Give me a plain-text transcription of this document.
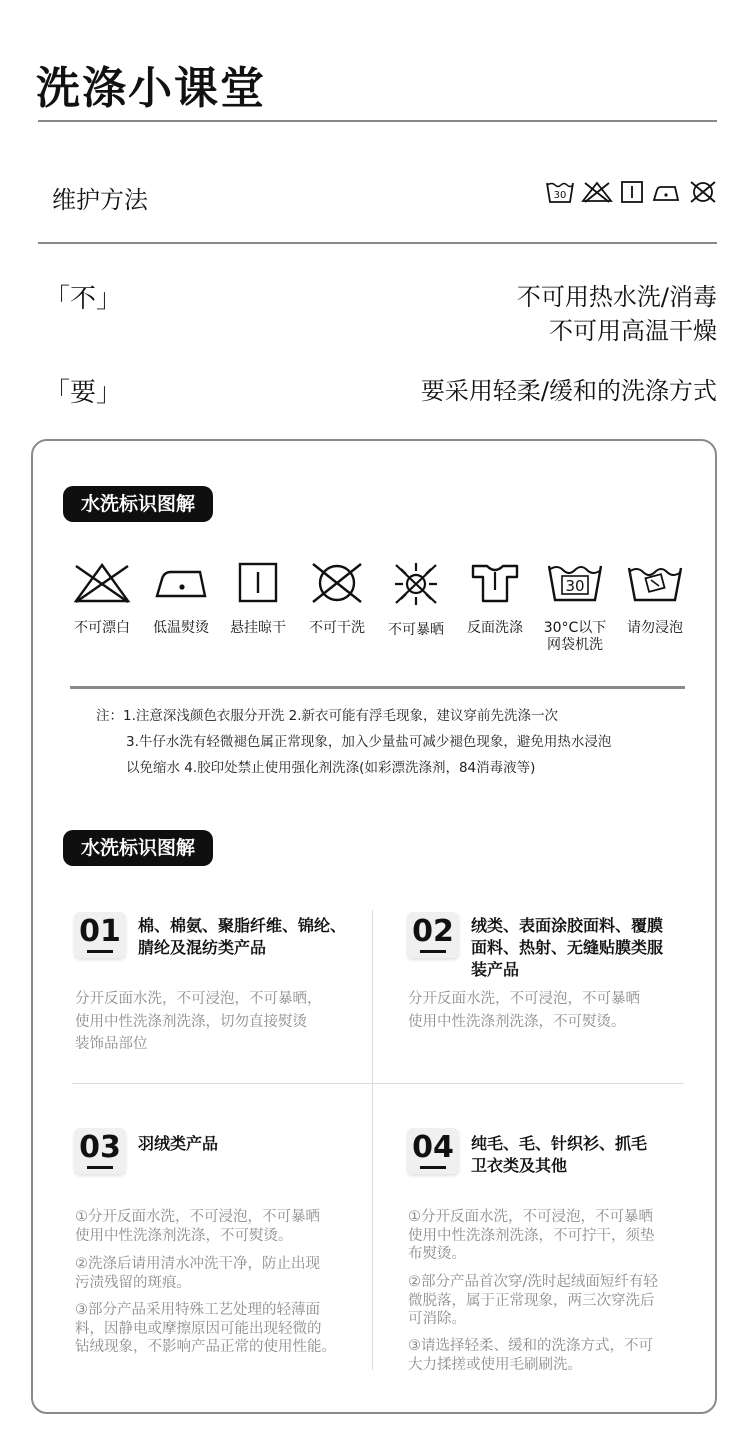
洗涤小课堂
维护方法	30
「不」	不可用热水洗/消毒
不可用高温干燥
「要」	要采用轻柔/缓和的洗涤方式
水洗标识图解
不可漂白 低温熨烫 悬挂晾干 不可干洗 不可暴晒 反面洗涤
30
30°C以下
网袋机洗
请勿浸泡
注：1.注意深浅颜色衣服分开洗 2.新衣可能有浮毛现象，建议穿前先洗涤一次
3.牛仔水洗有轻微褪色属正常现象，加入少量盐可减少褪色现象，避免用热水浸泡
以免缩水 4.胶印处禁止使用强化剂洗涤(如彩漂洗涤剂，84消毒液等)
水洗标识图解
01	棉、棉氨、聚脂纤维、锦纶、
腈纶及混纺类产品
分开反面水洗，不可浸泡，不可暴晒，
使用中性洗涤剂洗涤，切勿直接熨烫
装饰品部位
02	绒类、表面涂胶面料、覆膜
面料、热射、无缝贴膜类服
装产品
分开反面水洗，不可浸泡，不可暴晒
使用中性洗涤剂洗涤，不可熨烫。
03	羽绒类产品
①分开反面水洗，不可浸泡，不可暴晒
使用中性洗涤剂洗涤，不可熨烫。
②洗涤后请用清水冲洗干净，防止出现
污渍残留的斑痕。
③部分产品采用特殊工艺处理的轻薄面
料，因静电或摩擦原因可能出现轻微的
钻绒现象，不影响产品正常的使用性能。
04	纯毛、毛、针织衫、抓毛
卫衣类及其他
①分开反面水洗，不可浸泡，不可暴晒
使用中性洗涤剂洗涤，不可拧干，须垫
布熨烫。
②部分产品首次穿/洗时起绒面短纤有轻
微脱落，属于正常现象，两三次穿洗后
可消除。
③请选择轻柔、缓和的洗涤方式，不可
大力揉搓或使用毛刷刷洗。
